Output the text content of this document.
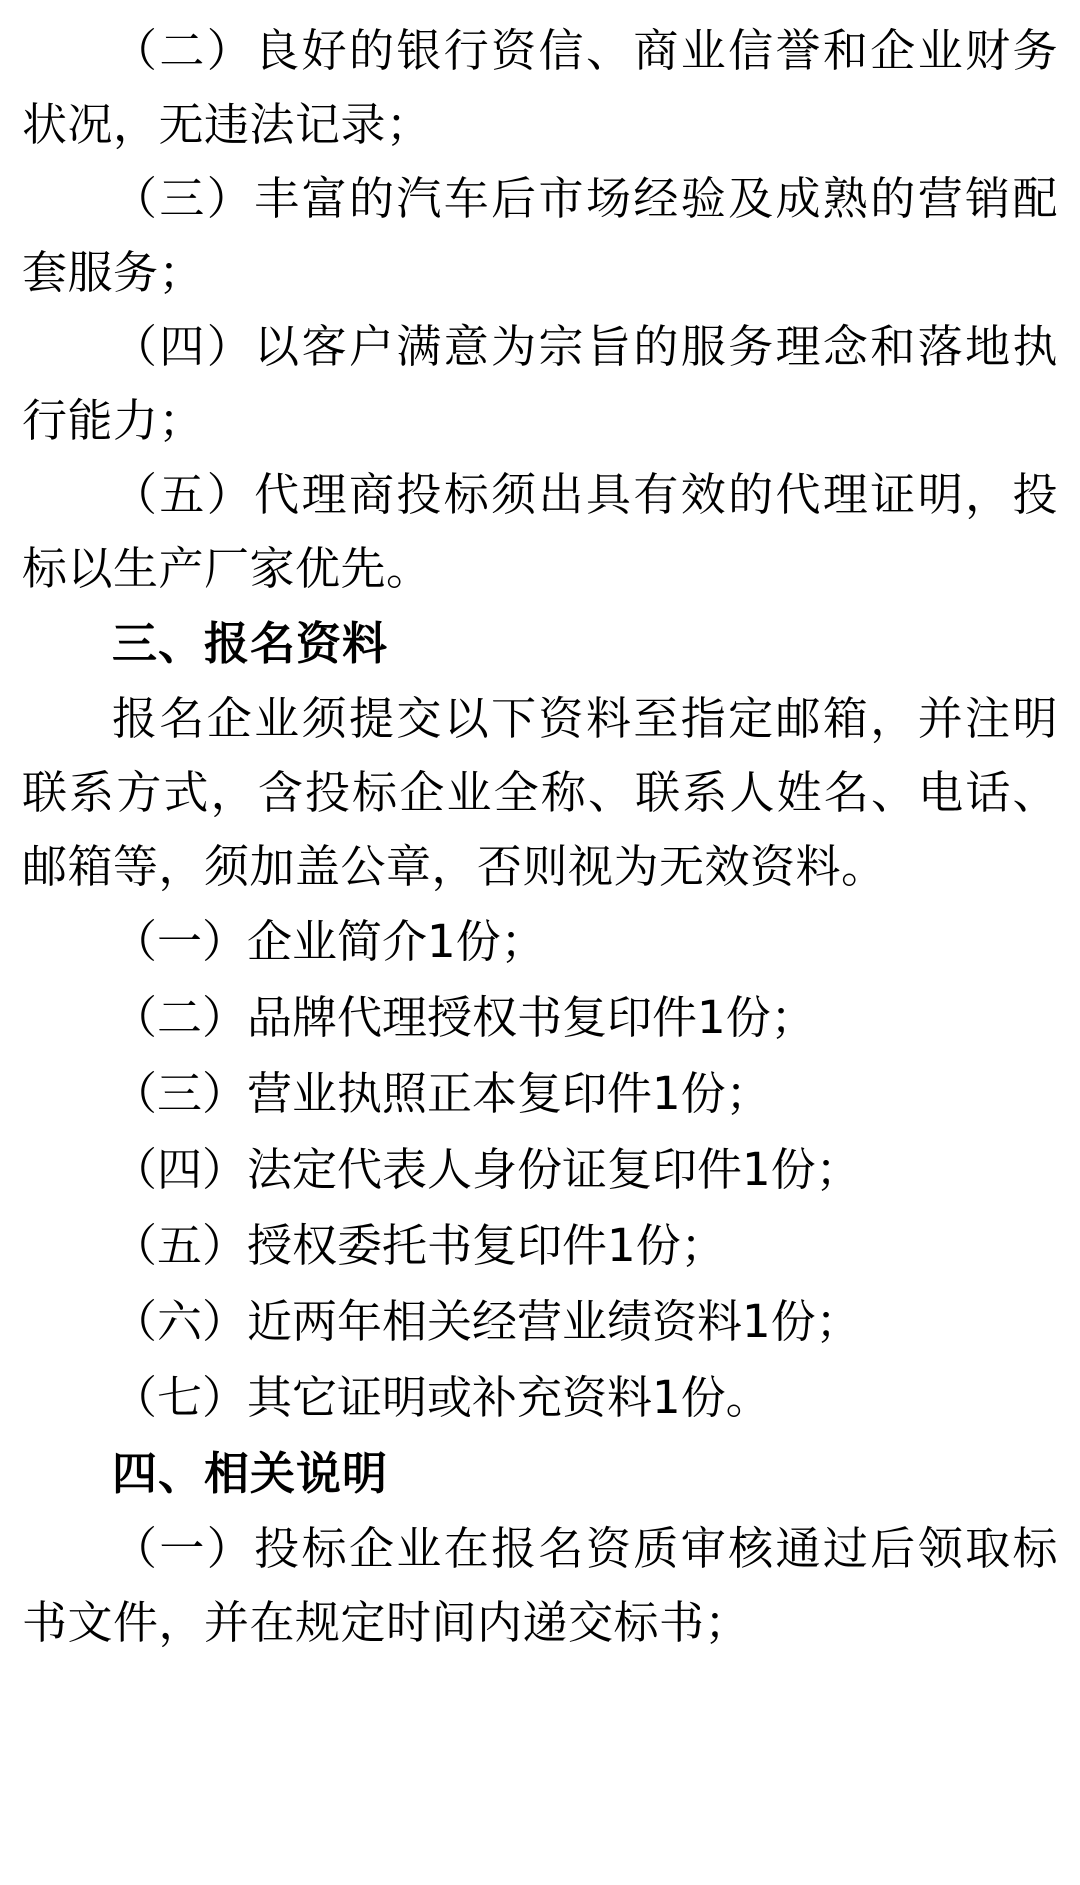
（二）良好的银行资信、商业信誉和企业财务状况，无违法记录；

（三）丰富的汽车后市场经验及成熟的营销配套服务；

（四）以客户满意为宗旨的服务理念和落地执行能力；

（五）代理商投标须出具有效的代理证明，投标以生产厂家优先。

三、报名资料

报名企业须提交以下资料至指定邮箱，并注明联系方式，含投标企业全称、联系人姓名、电话、邮箱等，须加盖公章，否则视为无效资料。

（一）企业简介1份；

（二）品牌代理授权书复印件1份；

（三）营业执照正本复印件1份；

（四）法定代表人身份证复印件1份；

（五）授权委托书复印件1份；

（六）近两年相关经营业绩资料1份；

（七）其它证明或补充资料1份。

四、相关说明

（一）投标企业在报名资质审核通过后领取标书文件，并在规定时间内递交标书；
